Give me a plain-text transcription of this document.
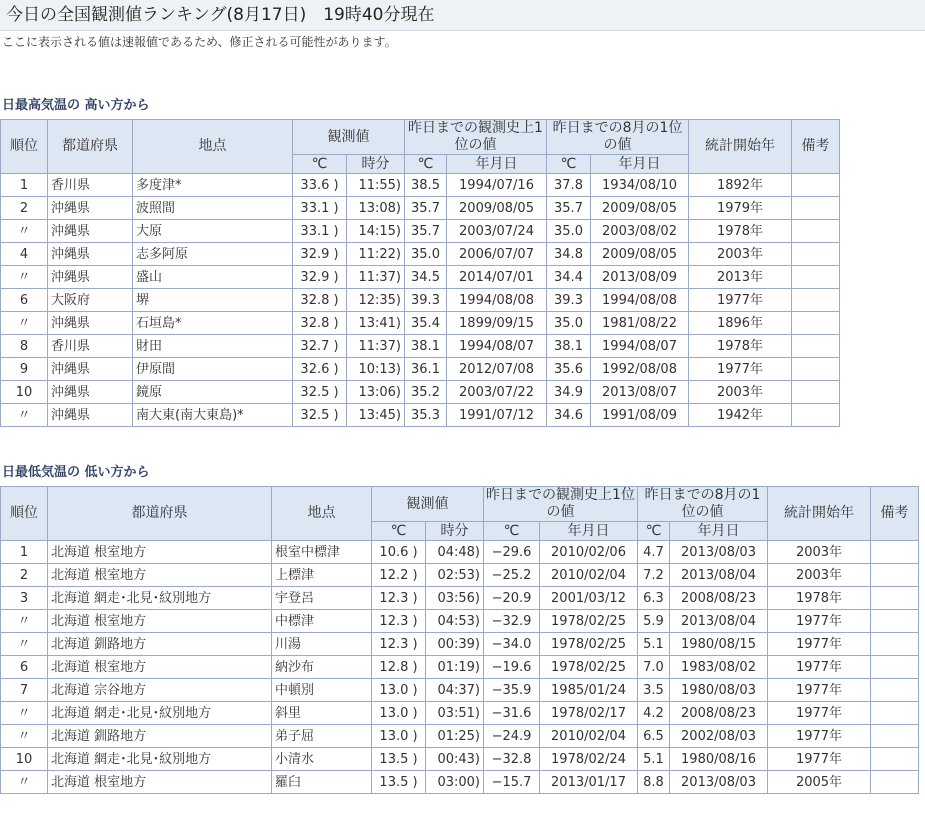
今日の全国観測値ランキング(8月17日)　19時40分現在
ここに表示される値は速報値であるため、修正される可能性があります。
日最高気温の 高い方から
順位	都道府県	地点	観測値		昨日までの観測史上1位の値		昨日までの8月の1位の値		統計開始年	備考
			℃	時分	℃	年月日	℃	年月日		
1	香川県	多度津*	33.6 )	11:55)	38.5	1994/07/16	37.8	1934/08/10	1892年	
2	沖縄県	波照間	33.1 )	13:08)	35.7	2009/08/05	35.7	2009/08/05	1979年	
〃	沖縄県	大原	33.1 )	14:15)	35.7	2003/07/24	35.0	2003/08/02	1978年	
4	沖縄県	志多阿原	32.9 )	11:22)	35.0	2006/07/07	34.8	2009/08/05	2003年	
〃	沖縄県	盛山	32.9 )	11:37)	34.5	2014/07/01	34.4	2013/08/09	2013年	
6	大阪府	堺	32.8 )	12:35)	39.3	1994/08/08	39.3	1994/08/08	1977年	
〃	沖縄県	石垣島*	32.8 )	13:41)	35.4	1899/09/15	35.0	1981/08/22	1896年	
8	香川県	財田	32.7 )	11:37)	38.1	1994/08/07	38.1	1994/08/07	1978年	
9	沖縄県	伊原間	32.6 )	10:13)	36.1	2012/07/08	35.6	1992/08/08	1977年	
10	沖縄県	鏡原	32.5 )	13:06)	35.2	2003/07/22	34.9	2013/08/07	2003年	
〃	沖縄県	南大東(南大東島)*	32.5 )	13:45)	35.3	1991/07/12	34.6	1991/08/09	1942年	
日最低気温の 低い方から
順位	都道府県	地点	観測値		昨日までの観測史上1位の値		昨日までの8月の1位の値		統計開始年	備考
			℃	時分	℃	年月日	℃	年月日		
1	北海道 根室地方	根室中標津	10.6 )	04:48)	−29.6	2010/02/06	4.7	2013/08/03	2003年	
2	北海道 根室地方	上標津	12.2 )	02:53)	−25.2	2010/02/04	7.2	2013/08/04	2003年	
3	北海道 網走･北見･紋別地方	宇登呂	12.3 )	03:56)	−20.9	2001/03/12	6.3	2008/08/23	1978年	
〃	北海道 根室地方	中標津	12.3 )	04:53)	−32.9	1978/02/25	5.9	2013/08/04	1977年	
〃	北海道 釧路地方	川湯	12.3 )	00:39)	−34.0	1978/02/25	5.1	1980/08/15	1977年	
6	北海道 根室地方	納沙布	12.8 )	01:19)	−19.6	1978/02/25	7.0	1983/08/02	1977年	
7	北海道 宗谷地方	中頓別	13.0 )	04:37)	−35.9	1985/01/24	3.5	1980/08/03	1977年	
〃	北海道 網走･北見･紋別地方	斜里	13.0 )	03:51)	−31.6	1978/02/17	4.2	2008/08/23	1977年	
〃	北海道 釧路地方	弟子屈	13.0 )	01:25)	−24.9	2010/02/04	6.5	2002/08/03	1977年	
10	北海道 網走･北見･紋別地方	小清水	13.5 )	00:43)	−32.8	1978/02/24	5.1	1980/08/16	1977年	
〃	北海道 根室地方	羅臼	13.5 )	03:00)	−15.7	2013/01/17	8.8	2013/08/03	2005年	
